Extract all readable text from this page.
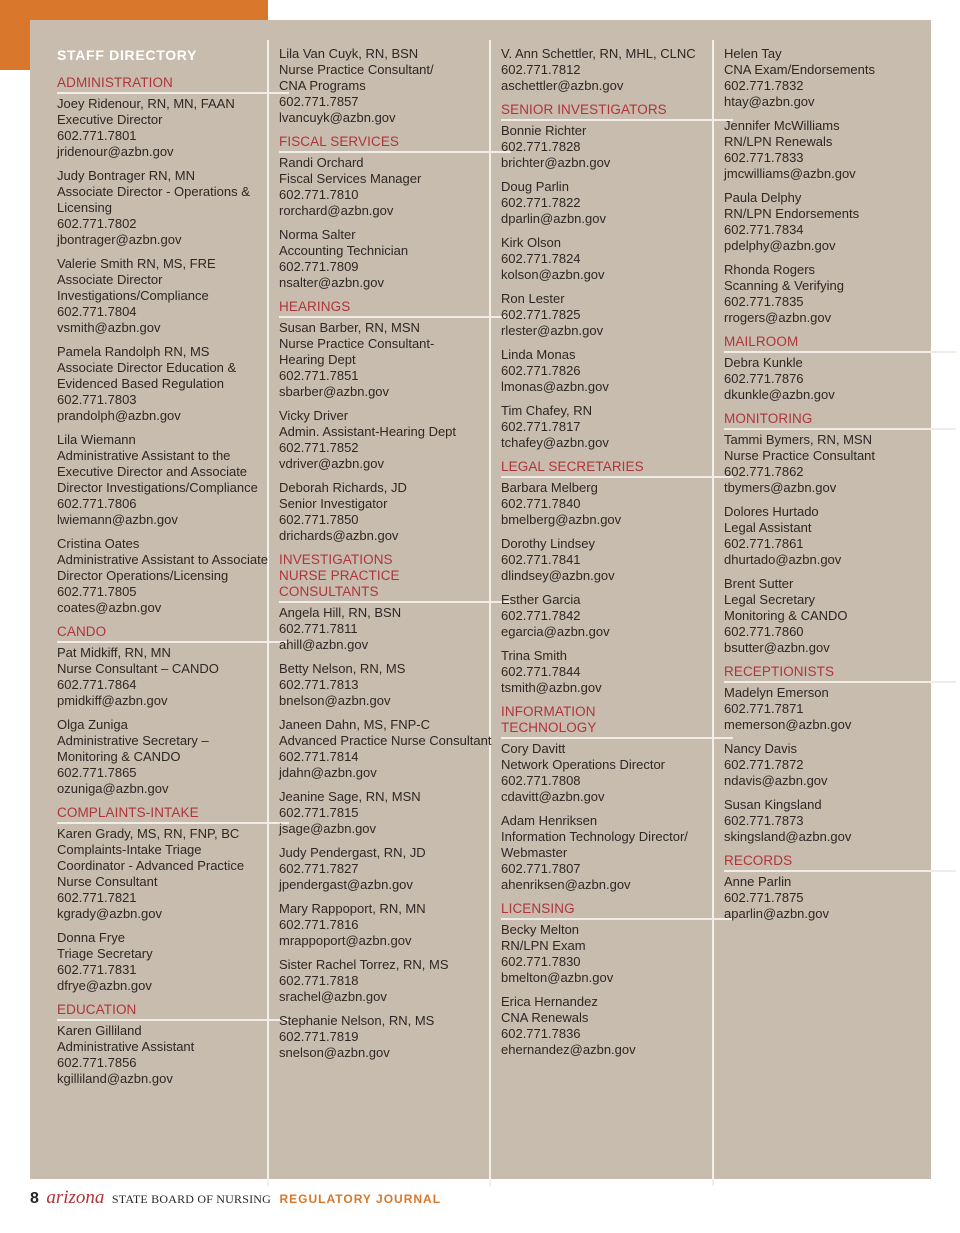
STAFF DIRECTORY
ADMINISTRATION
Joey Ridenour, RN, MN, FAAN
Executive Director
602.771.7801
jridenour@azbn.gov
Judy Bontrager RN, MN
Associate Director - Operations &
Licensing
602.771.7802
jbontrager@azbn.gov
Valerie Smith RN, MS, FRE
Associate Director
Investigations/Compliance
602.771.7804
vsmith@azbn.gov
Pamela Randolph RN, MS
Associate Director Education &
Evidenced Based Regulation
602.771.7803
prandolph@azbn.gov
Lila Wiemann
Administrative Assistant to the
Executive Director and Associate
Director Investigations/Compliance
602.771.7806
lwiemann@azbn.gov
Cristina Oates
Administrative Assistant to Associate
Director Operations/Licensing
602.771.7805
coates@azbn.gov
CANDO
Pat Midkiff, RN, MN
Nurse Consultant – CANDO
602.771.7864
pmidkiff@azbn.gov
Olga Zuniga
Administrative Secretary –
Monitoring & CANDO
602.771.7865
ozuniga@azbn.gov
COMPLAINTS-INTAKE
Karen Grady, MS, RN, FNP, BC
Complaints-Intake Triage
Coordinator - Advanced Practice
Nurse Consultant
602.771.7821
kgrady@azbn.gov
Donna Frye
Triage Secretary
602.771.7831
dfrye@azbn.gov
EDUCATION
Karen Gilliland
Administrative Assistant
602.771.7856
kgilliland@azbn.gov
Lila Van Cuyk, RN, BSN
Nurse Practice Consultant/
CNA Programs
602.771.7857
lvancuyk@azbn.gov
FISCAL SERVICES
Randi Orchard
Fiscal Services Manager
602.771.7810
rorchard@azbn.gov
Norma Salter
Accounting Technician
602.771.7809
nsalter@azbn.gov
HEARINGS
Susan Barber, RN, MSN
Nurse Practice Consultant-
Hearing Dept
602.771.7851
sbarber@azbn.gov
Vicky Driver
Admin. Assistant-Hearing Dept
602.771.7852
vdriver@azbn.gov
Deborah Richards, JD
Senior Investigator
602.771.7850
drichards@azbn.gov
INVESTIGATIONS
NURSE PRACTICE
CONSULTANTS
Angela Hill, RN, BSN
602.771.7811
ahill@azbn.gov
Betty Nelson, RN, MS
602.771.7813
bnelson@azbn.gov
Janeen Dahn, MS, FNP-C
Advanced Practice Nurse Consultant
602.771.7814
jdahn@azbn.gov
Jeanine Sage, RN, MSN
602.771.7815
jsage@azbn.gov
Judy Pendergast, RN, JD
602.771.7827
jpendergast@azbn.gov
Mary Rappoport, RN, MN
602.771.7816
mrappoport@azbn.gov
Sister Rachel Torrez, RN, MS
602.771.7818
srachel@azbn.gov
Stephanie Nelson, RN, MS
602.771.7819
snelson@azbn.gov
V. Ann Schettler, RN, MHL, CLNC
602.771.7812
aschettler@azbn.gov
SENIOR INVESTIGATORS
Bonnie Richter
602.771.7828
brichter@azbn.gov
Doug Parlin
602.771.7822
dparlin@azbn.gov
Kirk Olson
602.771.7824
kolson@azbn.gov
Ron Lester
602.771.7825
rlester@azbn.gov
Linda Monas
602.771.7826
lmonas@azbn.gov
Tim Chafey, RN
602.771.7817
tchafey@azbn.gov
LEGAL SECRETARIES
Barbara Melberg
602.771.7840
bmelberg@azbn.gov
Dorothy Lindsey
602.771.7841
dlindsey@azbn.gov
Esther Garcia
602.771.7842
egarcia@azbn.gov
Trina Smith
602.771.7844
tsmith@azbn.gov
INFORMATION
TECHNOLOGY
Cory Davitt
Network Operations Director
602.771.7808
cdavitt@azbn.gov
Adam Henriksen
Information Technology Director/
Webmaster
602.771.7807
ahenriksen@azbn.gov
LICENSING
Becky Melton
RN/LPN Exam
602.771.7830
bmelton@azbn.gov
Erica Hernandez
CNA Renewals
602.771.7836
ehernandez@azbn.gov
Helen Tay
CNA Exam/Endorsements
602.771.7832
htay@azbn.gov
Jennifer McWilliams
RN/LPN Renewals
602.771.7833
jmcwilliams@azbn.gov
Paula Delphy
RN/LPN Endorsements
602.771.7834
pdelphy@azbn.gov
Rhonda Rogers
Scanning & Verifying
602.771.7835
rrogers@azbn.gov
MAILROOM
Debra Kunkle
602.771.7876
dkunkle@azbn.gov
MONITORING
Tammi Bymers, RN, MSN
Nurse Practice Consultant
602.771.7862
tbymers@azbn.gov
Dolores Hurtado
Legal Assistant
602.771.7861
dhurtado@azbn.gov
Brent Sutter
Legal Secretary
Monitoring & CANDO
602.771.7860
bsutter@azbn.gov
RECEPTIONISTS
Madelyn Emerson
602.771.7871
memerson@azbn.gov
Nancy Davis
602.771.7872
ndavis@azbn.gov
Susan Kingsland
602.771.7873
skingsland@azbn.gov
RECORDS
Anne Parlin
602.771.7875
aparlin@azbn.gov
8 arizona STATE BOARD OF NURSING REGULATORY JOURNAL
